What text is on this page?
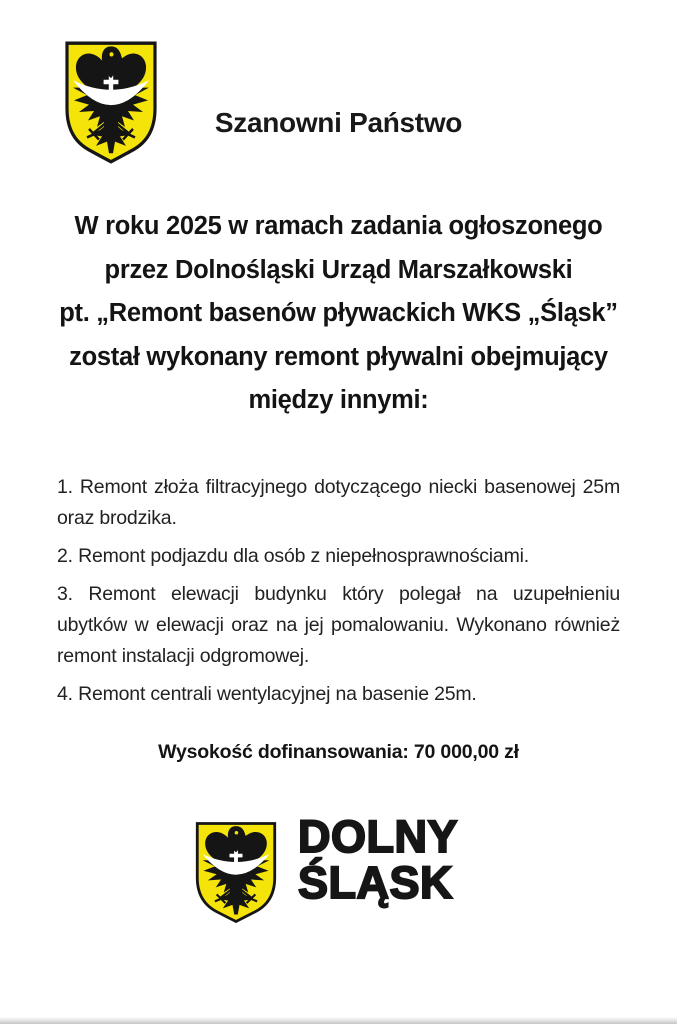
Szanowni Państwo
W roku 2025 w ramach zadania ogłoszonego
przez Dolnośląski Urząd Marszałkowski
pt. „Remont basenów pływackich WKS „Śląsk”
został wykonany remont pływalni obejmujący
między innymi:

1. Remont złoża filtracyjnego dotyczącego niecki basenowej 25m oraz brodzika.

2. Remont podjazdu dla osób z niepełnosprawnościami.

3. Remont elewacji budynku który polegał na uzupełnieniu ubytków w elewacji oraz na jej pomalowaniu. Wykonano również remont instalacji odgromowej.

4. Remont centrali wentylacyjnej na basenie 25m.

Wysokość dofinansowania: 70 000,00 zł
DOLNY
ŚLĄSK
